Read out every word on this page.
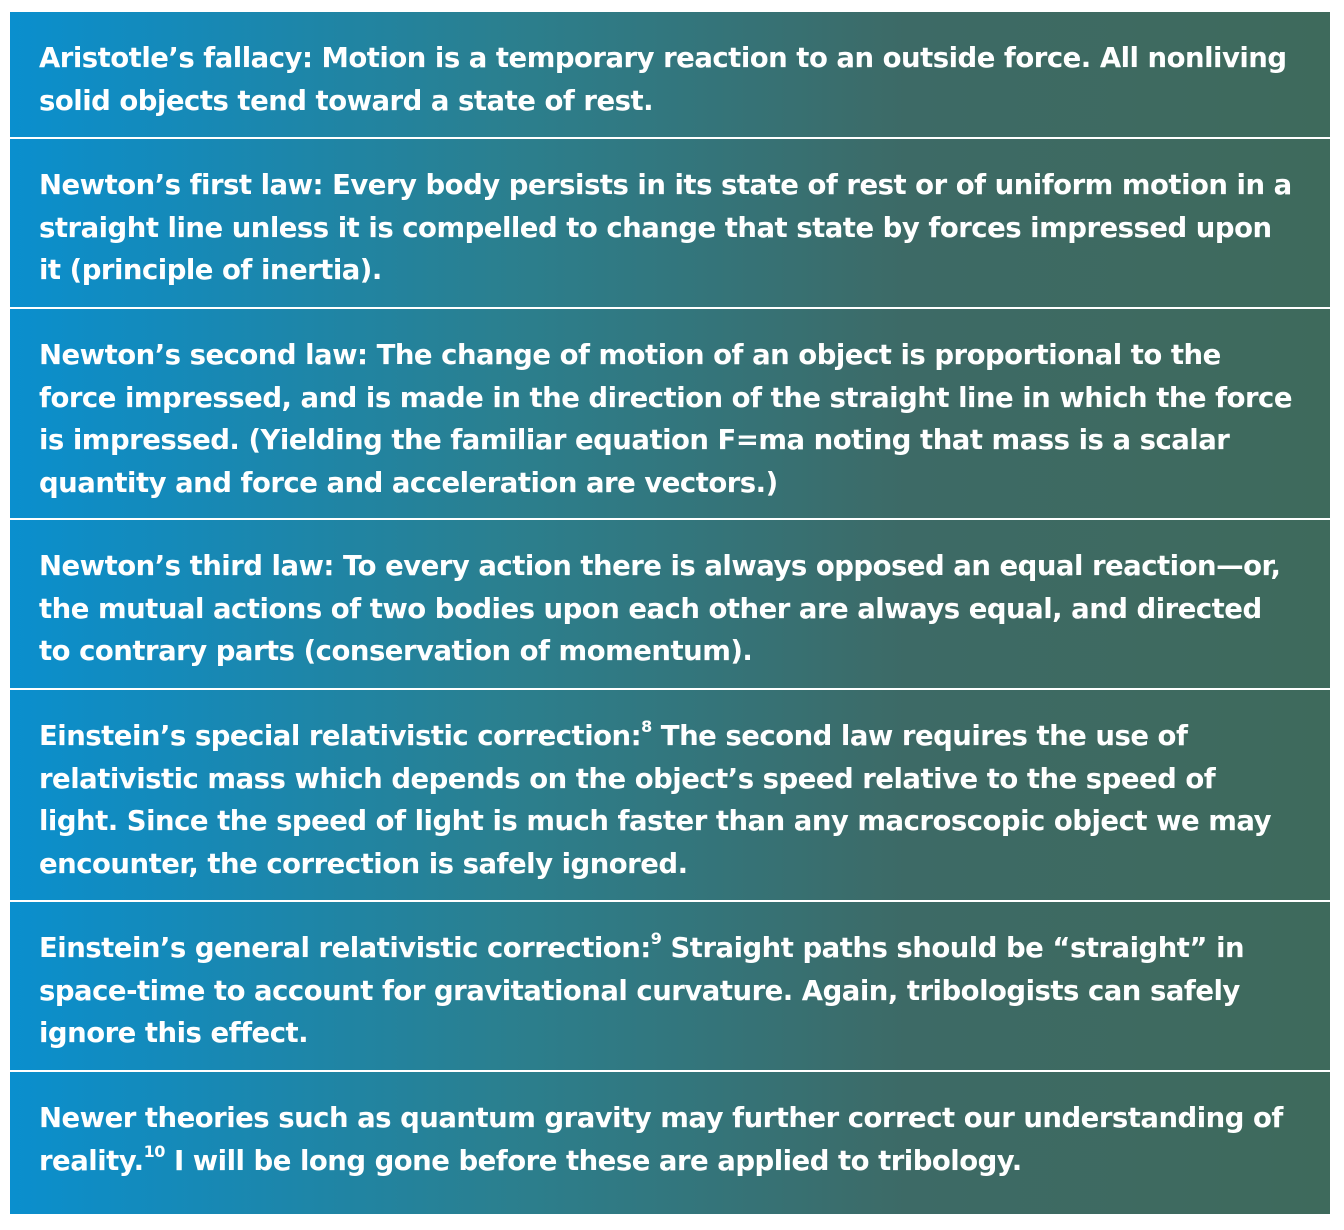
Aristotle’s fallacy: Motion is a temporary reaction to an outside force. All nonliving solid objects tend toward a state of rest.
Newton’s first law: Every body persists in its state of rest or of uniform motion in a straight line unless it is compelled to change that state by forces impressed upon it (principle of inertia).
Newton’s second law: The change of motion of an object is proportional to the force impressed, and is made in the direction of the straight line in which the force is impressed. (Yielding the familiar equation F=ma noting that mass is a scalar quantity and force and acceleration are vectors.)
Newton’s third law: To every action there is always opposed an equal reaction—or, the mutual actions of two bodies upon each other are always equal, and directed to contrary parts (conservation of momentum).
Einstein’s special relativistic correction:$^8$ The second law requires the use of relativistic mass which depends on the object’s speed relative to the speed of light. Since the speed of light is much faster than any macroscopic object we may encounter, the correction is safely ignored.
Einstein’s general relativistic correction:$^9$ Straight paths should be “straight” in space-time to account for gravitational curvature. Again, tribologists can safely ignore this effect.
Newer theories such as quantum gravity may further correct our understanding of reality.$^{10}$ I will be long gone before these are applied to tribology.
